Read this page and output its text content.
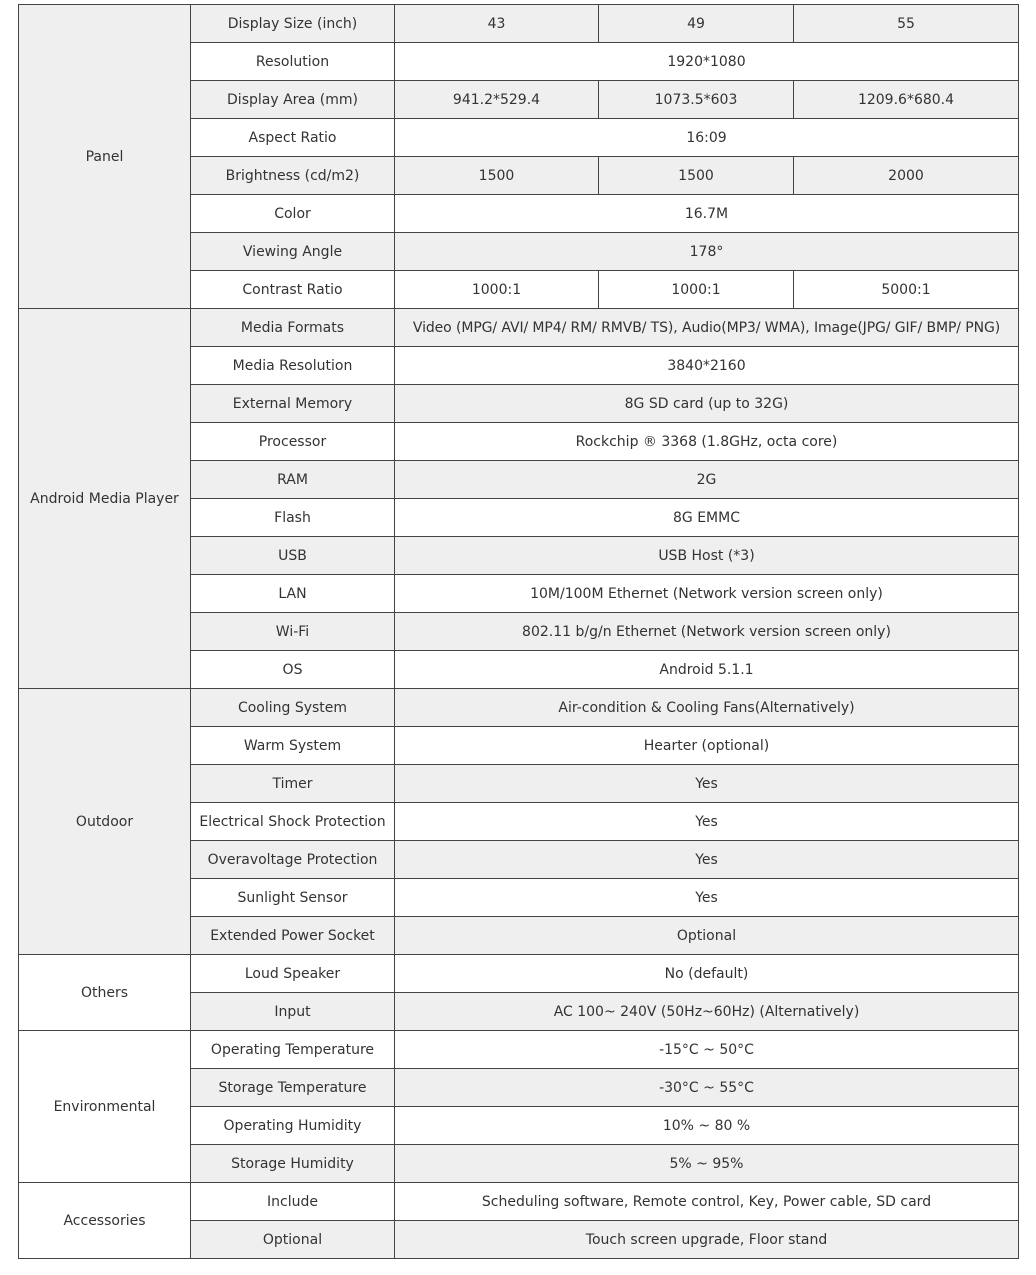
Panel	Display Size (inch)	43	49	55
	Resolution	1920*1080		
	Display Area (mm)	941.2*529.4	1073.5*603	1209.6*680.4
	Aspect Ratio	16:09		
	Brightness (cd/m2)	1500	1500	2000
	Color	16.7M		
	Viewing Angle	178°		
	Contrast Ratio	1000:1	1000:1	5000:1
Android Media Player	Media Formats	Video (MPG/ AVI/ MP4/ RM/ RMVB/ TS), Audio(MP3/ WMA), Image(JPG/ GIF/ BMP/ PNG)		
	Media Resolution	3840*2160		
	External Memory	8G SD card (up to 32G)		
	Processor	Rockchip ® 3368 (1.8GHz, octa core)		
	RAM	2G		
	Flash	8G EMMC		
	USB	USB Host (*3)		
	LAN	10M/100M Ethernet (Network version screen only)		
	Wi-Fi	802.11 b/g/n Ethernet (Network version screen only)		
	OS	Android 5.1.1		
Outdoor	Cooling System	Air-condition & Cooling Fans(Alternatively)		
	Warm System	Hearter (optional)		
	Timer	Yes		
	Electrical Shock Protection	Yes		
	Overavoltage Protection	Yes		
	Sunlight Sensor	Yes		
	Extended Power Socket	Optional		
Others	Loud Speaker	No (default)		
	Input	AC 100~ 240V (50Hz~60Hz) (Alternatively)		
Environmental	Operating Temperature	-15°C ~ 50°C		
	Storage Temperature	-30°C ~ 55°C		
	Operating Humidity	10% ~ 80 %		
	Storage Humidity	5% ~ 95%		
Accessories	Include	Scheduling software, Remote control, Key, Power cable, SD card		
	Optional	Touch screen upgrade, Floor stand		
